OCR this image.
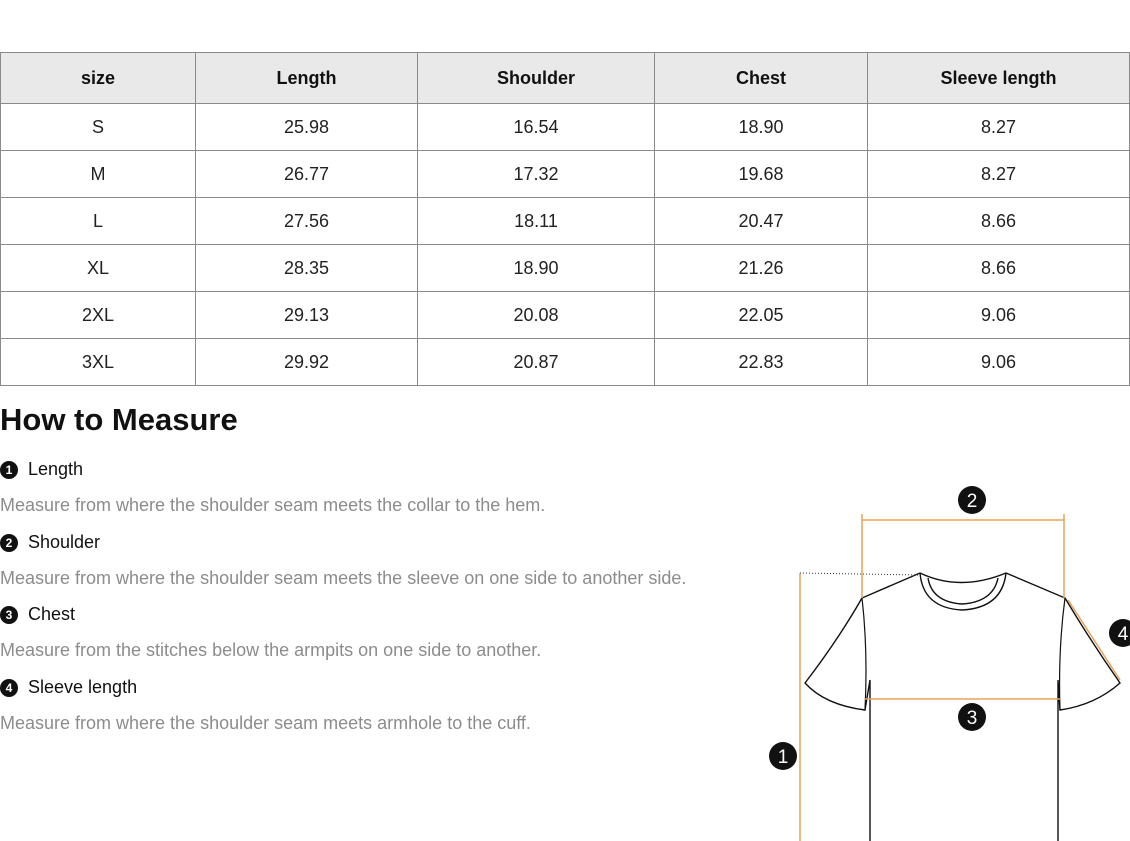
size	Length	Shoulder	Chest	Sleeve length
S	25.98	16.54	18.90	8.27
M	26.77	17.32	19.68	8.27
L	27.56	18.11	20.47	8.66
XL	28.35	18.90	21.26	8.66
2XL	29.13	20.08	22.05	9.06
3XL	29.92	20.87	22.83	9.06
How to Measure
1 Length
Measure from where the shoulder seam meets the collar to the hem.
2 Shoulder
Measure from where the shoulder seam meets the sleeve on one side to another side.
3 Chest
Measure from the stitches below the armpits on one side to another.
4 Sleeve length
Measure from where the shoulder seam meets armhole to the cuff.
2
3
1
4
